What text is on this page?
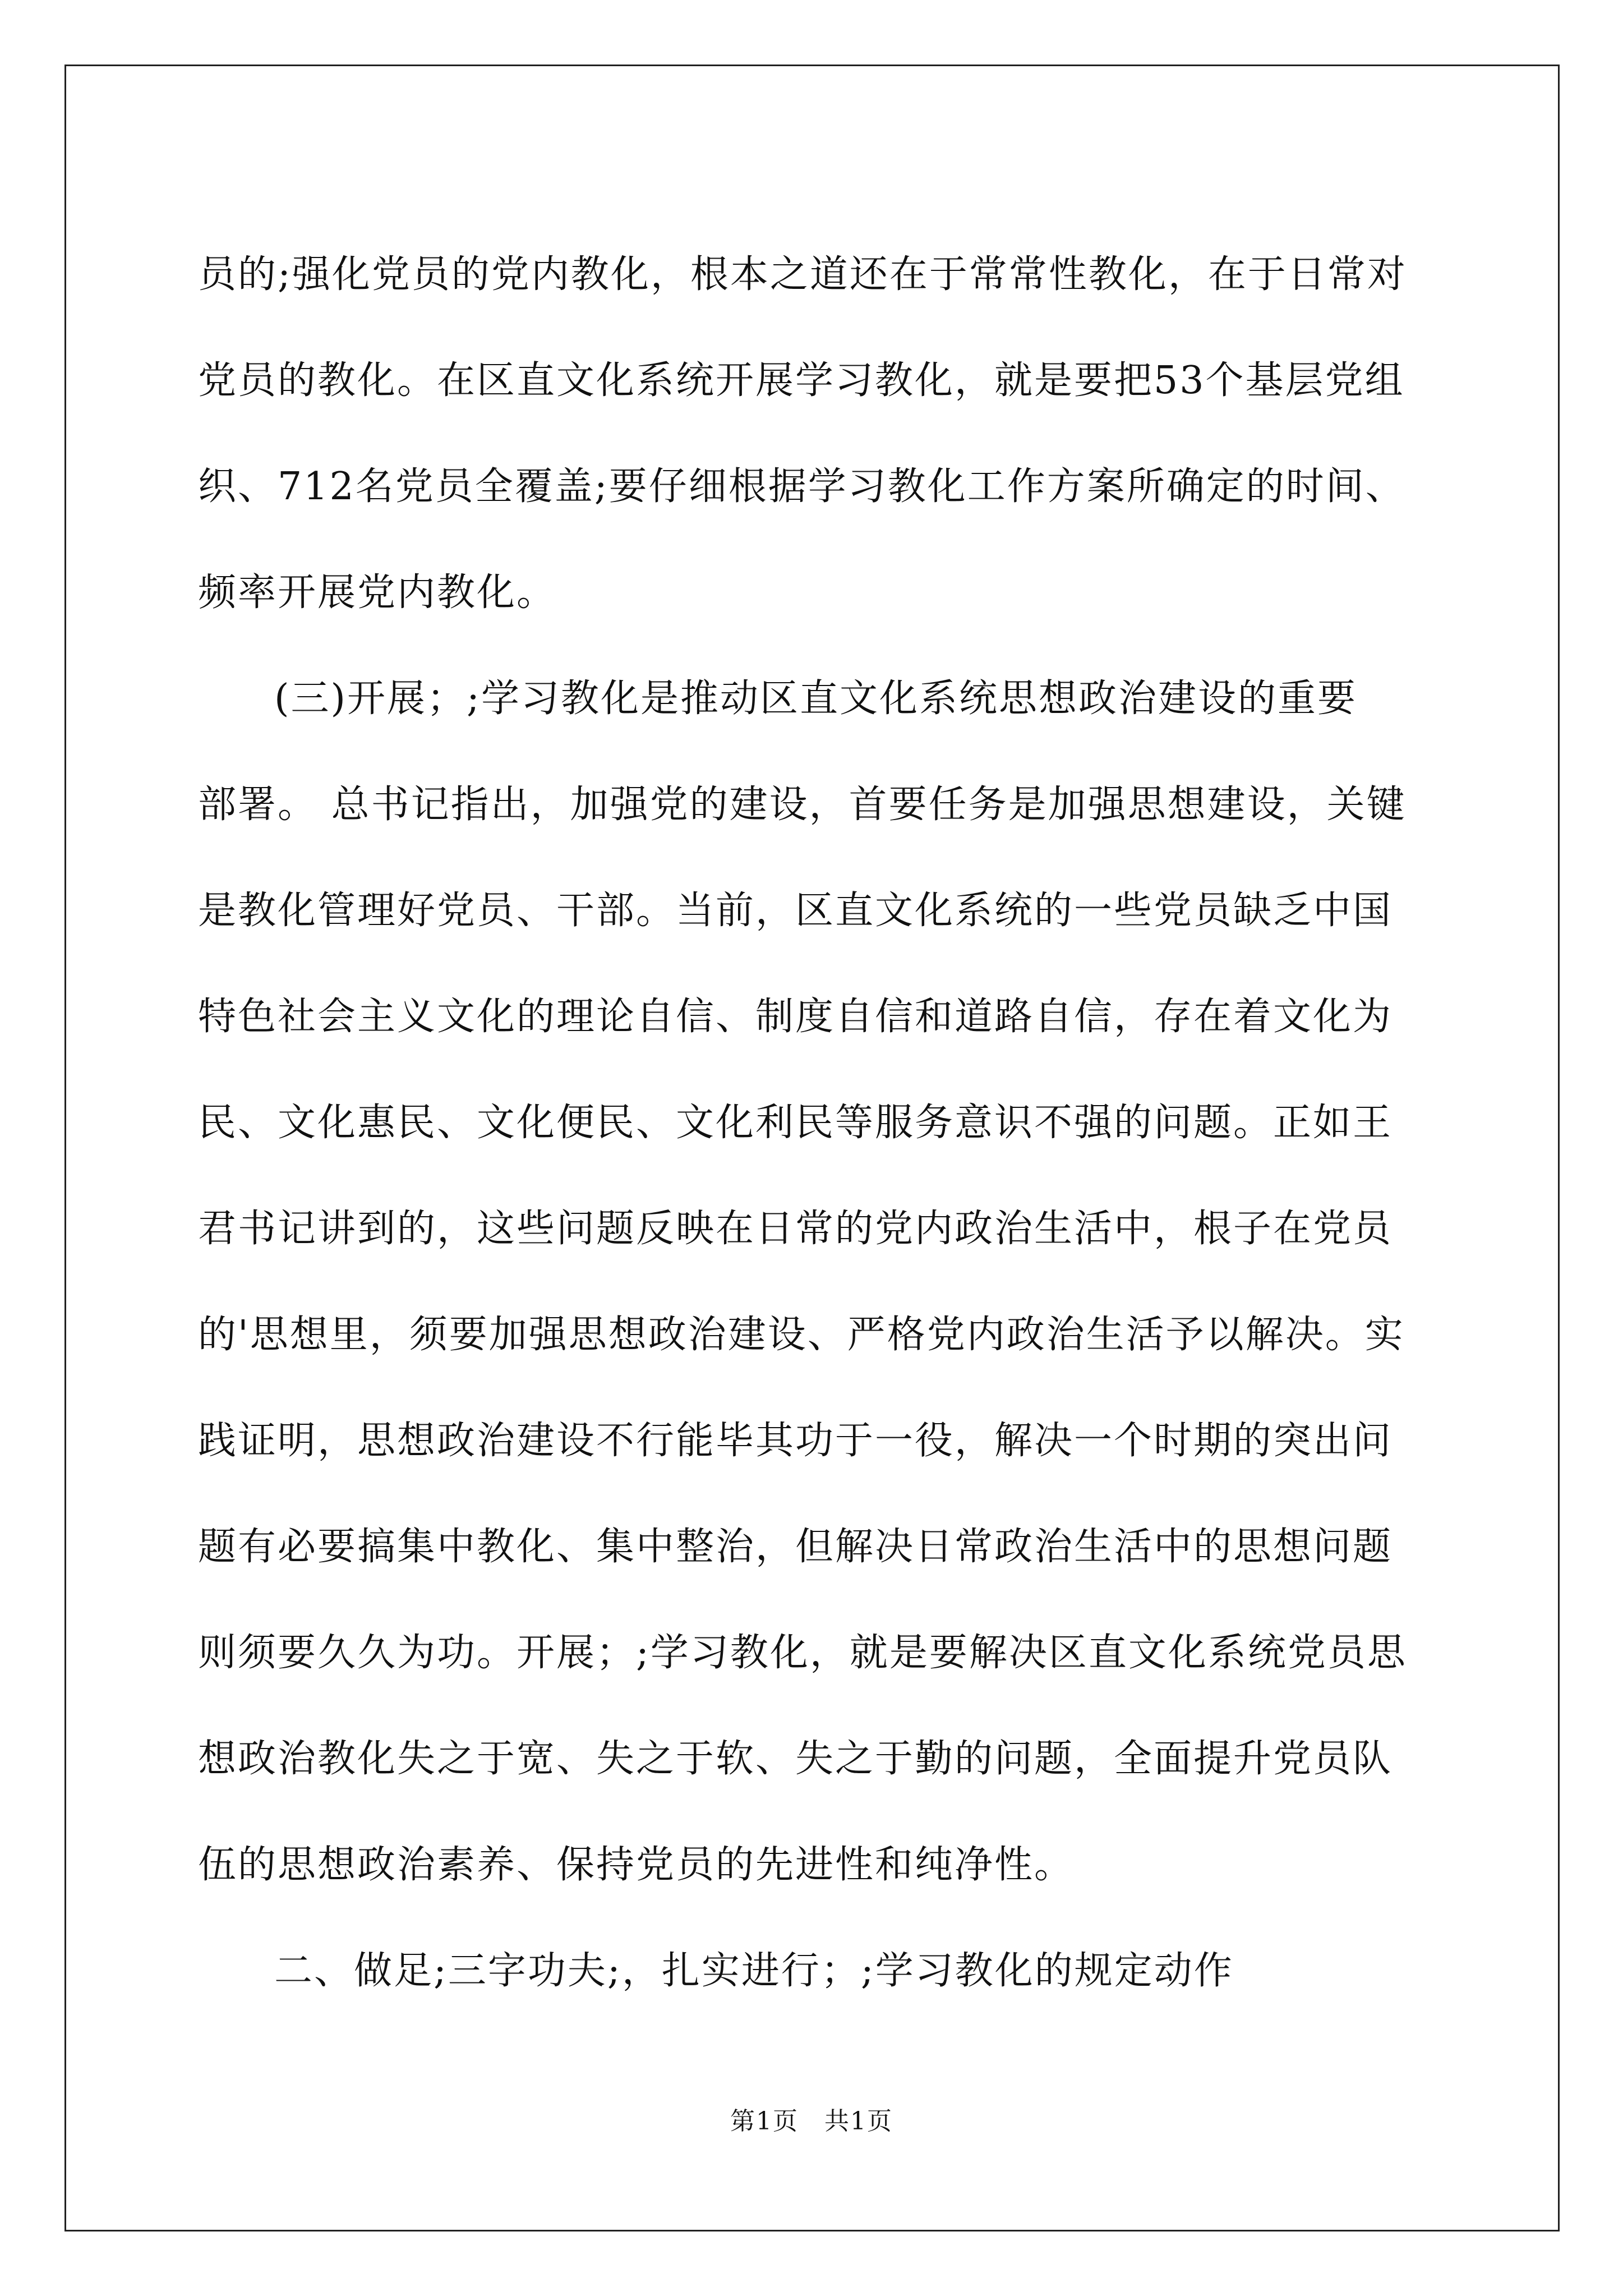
员的;强化党员的党内教化，根本之道还在于常常性教化，在于日常对
党员的教化。在区直文化系统开展学习教化，就是要把53个基层党组
织、712名党员全覆盖;要仔细根据学习教化工作方案所确定的时间、
频率开展党内教化。
(三)开展；;学习教化是推动区直文化系统思想政治建设的重要
部署。 总书记指出，加强党的建设，首要任务是加强思想建设，关键
是教化管理好党员、干部。当前，区直文化系统的一些党员缺乏中国
特色社会主义文化的理论自信、制度自信和道路自信，存在着文化为
民、文化惠民、文化便民、文化利民等服务意识不强的问题。正如王
君书记讲到的，这些问题反映在日常的党内政治生活中，根子在党员
的'思想里，须要加强思想政治建设、严格党内政治生活予以解决。实
践证明，思想政治建设不行能毕其功于一役，解决一个时期的突出问
题有必要搞集中教化、集中整治，但解决日常政治生活中的思想问题
则须要久久为功。开展；;学习教化，就是要解决区直文化系统党员思
想政治教化失之于宽、失之于软、失之于勤的问题，全面提升党员队
伍的思想政治素养、保持党员的先进性和纯净性。
二、做足;三字功夫;，扎实进行；;学习教化的规定动作
第1页　共1页
